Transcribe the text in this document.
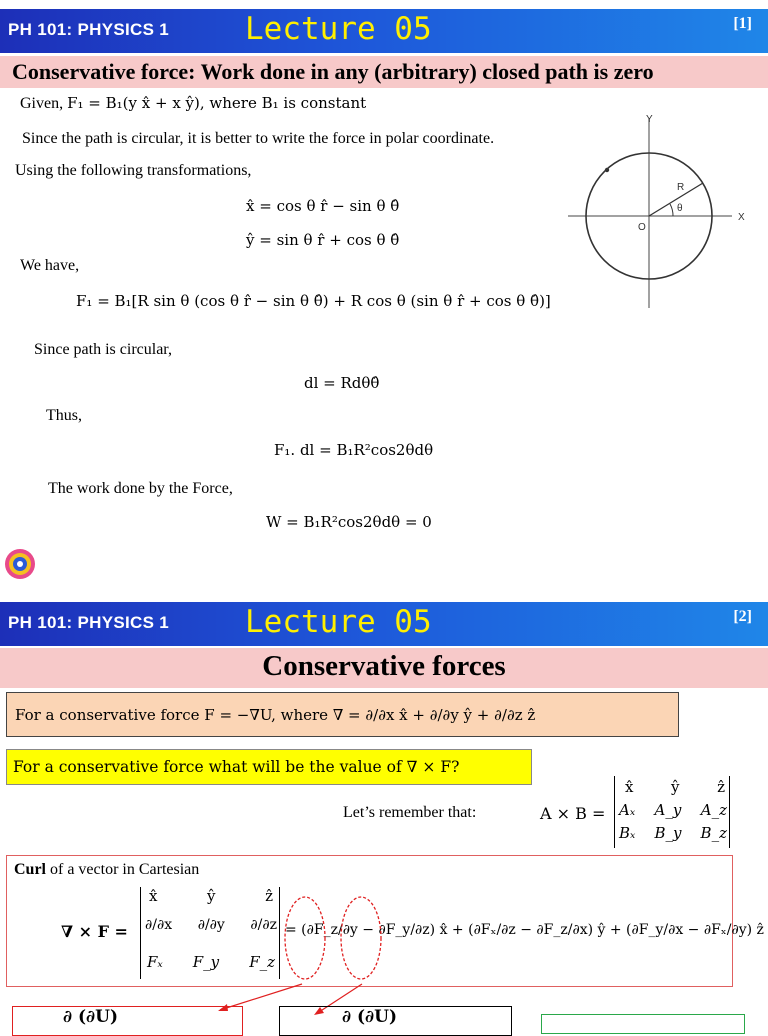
PH 101: PHYSICS 1 Lecture 05	[1]
Conservative force: Work done in any (arbitrary) closed path is zero
Given, F₁ = B₁(y x̂ + x ŷ), where B₁ is constant
Since the path is circular, it is better to write the force in polar coordinate.
Using the following transformations,
x̂ = cos θ r̂ − sin θ θ̂
ŷ = sin θ r̂ + cos θ θ̂
We have,
F₁ = B₁[R sin θ (cos θ r̂ − sin θ θ̂) + R cos θ (sin θ r̂ + cos θ θ̂)]
Since path is circular,
dl = Rdθθ̂
Thus,
F₁. dl = B₁R²cos2θdθ
The work done by the Force,
W = B₁R²cos2θdθ = 0
Y
X
O
R
θ
PH 101: PHYSICS 1 Lecture 05	[2]
Conservative forces
For a conservative force F = −∇U, where ∇ = ∂/∂x x̂ + ∂/∂y ŷ + ∂/∂z ẑ
For a conservative force what will be the value of ∇ × F?
Let’s remember that:	A × B =
x̂	ŷ	ẑ
Aₓ A_y A_z
Bₓ B_y B_z
Curl of a vector in Cartesian
∇ × F =
x̂	ŷ	ẑ
∂/∂x ∂/∂y ∂/∂z
Fₓ F_y F_z
= (∂F_z/∂y − ∂F_y/∂z) x̂ + (∂Fₓ/∂z − ∂F_z/∂x) ŷ + (∂F_y/∂x − ∂Fₓ/∂y) ẑ
∂ (∂U)	∂ (∂U)
